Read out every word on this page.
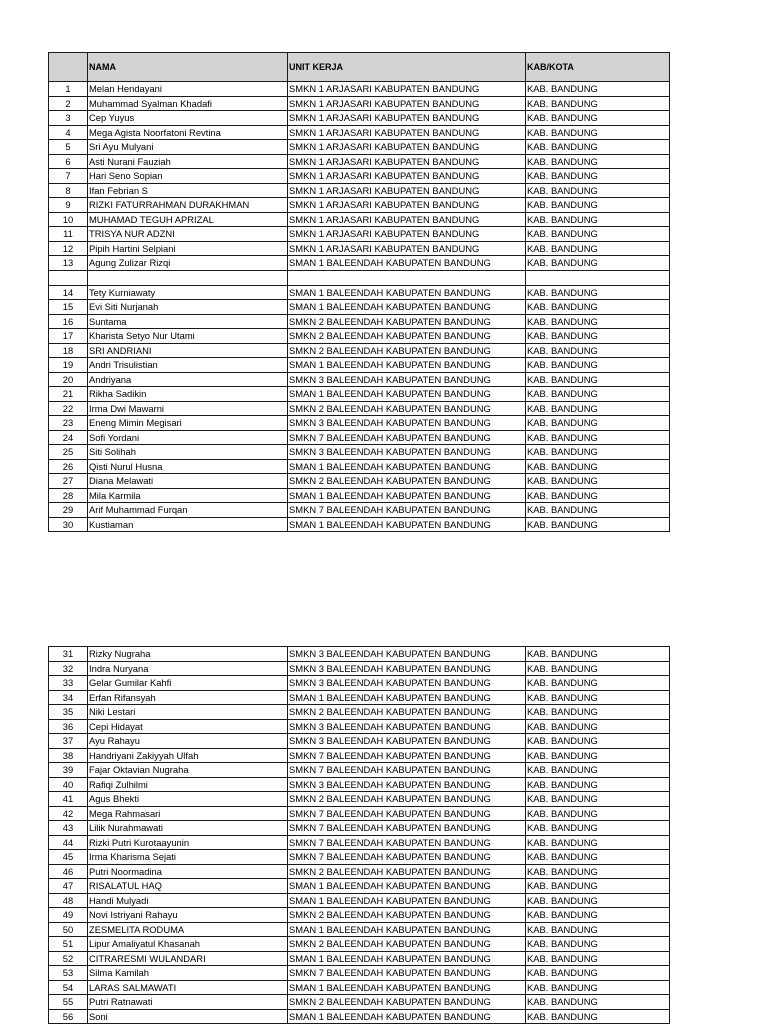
	NAMA	UNIT KERJA	KAB/KOTA
1	Melan Hendayani	SMKN 1 ARJASARI KABUPATEN BANDUNG	KAB. BANDUNG
2	Muhammad Syalman Khadafi	SMKN 1 ARJASARI KABUPATEN BANDUNG	KAB. BANDUNG
3	Cep Yuyus	SMKN 1 ARJASARI KABUPATEN BANDUNG	KAB. BANDUNG
4	Mega Agista Noorfatoni Revtina	SMKN 1 ARJASARI KABUPATEN BANDUNG	KAB. BANDUNG
5	Sri Ayu Mulyani	SMKN 1 ARJASARI KABUPATEN BANDUNG	KAB. BANDUNG
6	Asti Nurani Fauziah	SMKN 1 ARJASARI KABUPATEN BANDUNG	KAB. BANDUNG
7	Hari Seno Sopian	SMKN 1 ARJASARI KABUPATEN BANDUNG	KAB. BANDUNG
8	Ifan Febrian S	SMKN 1 ARJASARI KABUPATEN BANDUNG	KAB. BANDUNG
9	RIZKI FATURRAHMAN DURAKHMAN	SMKN 1 ARJASARI KABUPATEN BANDUNG	KAB. BANDUNG
10	MUHAMAD TEGUH APRIZAL	SMKN 1 ARJASARI KABUPATEN BANDUNG	KAB. BANDUNG
11	TRISYA NUR ADZNI	SMKN 1 ARJASARI KABUPATEN BANDUNG	KAB. BANDUNG
12	Pipih Hartini Selpiani	SMKN 1 ARJASARI KABUPATEN BANDUNG	KAB. BANDUNG
13	Agung Zulizar Rizqi	SMAN 1 BALEENDAH KABUPATEN BANDUNG	KAB. BANDUNG

14	Tety Kurniawaty	SMAN 1 BALEENDAH KABUPATEN BANDUNG	KAB. BANDUNG
15	Evi Siti Nurjanah	SMAN 1 BALEENDAH KABUPATEN BANDUNG	KAB. BANDUNG
16	Suntama	SMKN 2 BALEENDAH KABUPATEN BANDUNG	KAB. BANDUNG
17	Kharista Setyo Nur Utami	SMKN 2 BALEENDAH KABUPATEN BANDUNG	KAB. BANDUNG
18	SRI ANDRIANI	SMKN 2 BALEENDAH KABUPATEN BANDUNG	KAB. BANDUNG
19	Andri Trisulistian	SMAN 1 BALEENDAH KABUPATEN BANDUNG	KAB. BANDUNG
20	Andriyana	SMKN 3 BALEENDAH KABUPATEN BANDUNG	KAB. BANDUNG
21	Rikha Sadikin	SMAN 1 BALEENDAH KABUPATEN BANDUNG	KAB. BANDUNG
22	Irma Dwi Mawarni	SMKN 2 BALEENDAH KABUPATEN BANDUNG	KAB. BANDUNG
23	Eneng Mimin Megisari	SMKN 3 BALEENDAH KABUPATEN BANDUNG	KAB. BANDUNG
24	Sofi Yordani	SMKN 7 BALEENDAH KABUPATEN BANDUNG	KAB. BANDUNG
25	Siti Solihah	SMKN 3 BALEENDAH KABUPATEN BANDUNG	KAB. BANDUNG
26	Qisti Nurul Husna	SMAN 1 BALEENDAH KABUPATEN BANDUNG	KAB. BANDUNG
27	Diana Melawati	SMKN 2 BALEENDAH KABUPATEN BANDUNG	KAB. BANDUNG
28	Mila Karmila	SMAN 1 BALEENDAH KABUPATEN BANDUNG	KAB. BANDUNG
29	Arif Muhammad Furqan	SMKN 7 BALEENDAH KABUPATEN BANDUNG	KAB. BANDUNG
30	Kustiaman	SMAN 1 BALEENDAH KABUPATEN BANDUNG	KAB. BANDUNG
31	Rizky Nugraha	SMKN 3 BALEENDAH KABUPATEN BANDUNG	KAB. BANDUNG
32	Indra Nuryana	SMKN 3 BALEENDAH KABUPATEN BANDUNG	KAB. BANDUNG
33	Gelar Gumilar Kahfi	SMKN 3 BALEENDAH KABUPATEN BANDUNG	KAB. BANDUNG
34	Erfan Rifansyah	SMAN 1 BALEENDAH KABUPATEN BANDUNG	KAB. BANDUNG
35	Niki Lestari	SMKN 2 BALEENDAH KABUPATEN BANDUNG	KAB. BANDUNG
36	Cepi Hidayat	SMKN 3 BALEENDAH KABUPATEN BANDUNG	KAB. BANDUNG
37	Ayu Rahayu	SMKN 3 BALEENDAH KABUPATEN BANDUNG	KAB. BANDUNG
38	Handriyani Zakiyyah Ulfah	SMKN 7 BALEENDAH KABUPATEN BANDUNG	KAB. BANDUNG
39	Fajar Oktavian Nugraha	SMKN 7 BALEENDAH KABUPATEN BANDUNG	KAB. BANDUNG
40	Rafiqi Zulhilmi	SMKN 3 BALEENDAH KABUPATEN BANDUNG	KAB. BANDUNG
41	Agus Bhekti	SMKN 2 BALEENDAH KABUPATEN BANDUNG	KAB. BANDUNG
42	Mega Rahmasari	SMKN 7 BALEENDAH KABUPATEN BANDUNG	KAB. BANDUNG
43	Lilik Nurahmawati	SMKN 7 BALEENDAH KABUPATEN BANDUNG	KAB. BANDUNG
44	Rizki Putri Kurotaayunin	SMKN 7 BALEENDAH KABUPATEN BANDUNG	KAB. BANDUNG
45	Irma Kharisma Sejati	SMKN 7 BALEENDAH KABUPATEN BANDUNG	KAB. BANDUNG
46	Putri Noormadina	SMKN 2 BALEENDAH KABUPATEN BANDUNG	KAB. BANDUNG
47	RISALATUL HAQ	SMAN 1 BALEENDAH KABUPATEN BANDUNG	KAB. BANDUNG
48	Handi Mulyadi	SMAN 1 BALEENDAH KABUPATEN BANDUNG	KAB. BANDUNG
49	Novi Istriyani Rahayu	SMKN 2 BALEENDAH KABUPATEN BANDUNG	KAB. BANDUNG
50	ZESMELITA RODUMA	SMAN 1 BALEENDAH KABUPATEN BANDUNG	KAB. BANDUNG
51	Lipur Amaliyatul Khasanah	SMKN 2 BALEENDAH KABUPATEN BANDUNG	KAB. BANDUNG
52	CITRARESMI WULANDARI	SMAN 1 BALEENDAH KABUPATEN BANDUNG	KAB. BANDUNG
53	Silma Kamilah	SMKN 7 BALEENDAH KABUPATEN BANDUNG	KAB. BANDUNG
54	LARAS SALMAWATI	SMAN 1 BALEENDAH KABUPATEN BANDUNG	KAB. BANDUNG
55	Putri Ratnawati	SMKN 2 BALEENDAH KABUPATEN BANDUNG	KAB. BANDUNG
56	Soni	SMAN 1 BALEENDAH KABUPATEN BANDUNG	KAB. BANDUNG
